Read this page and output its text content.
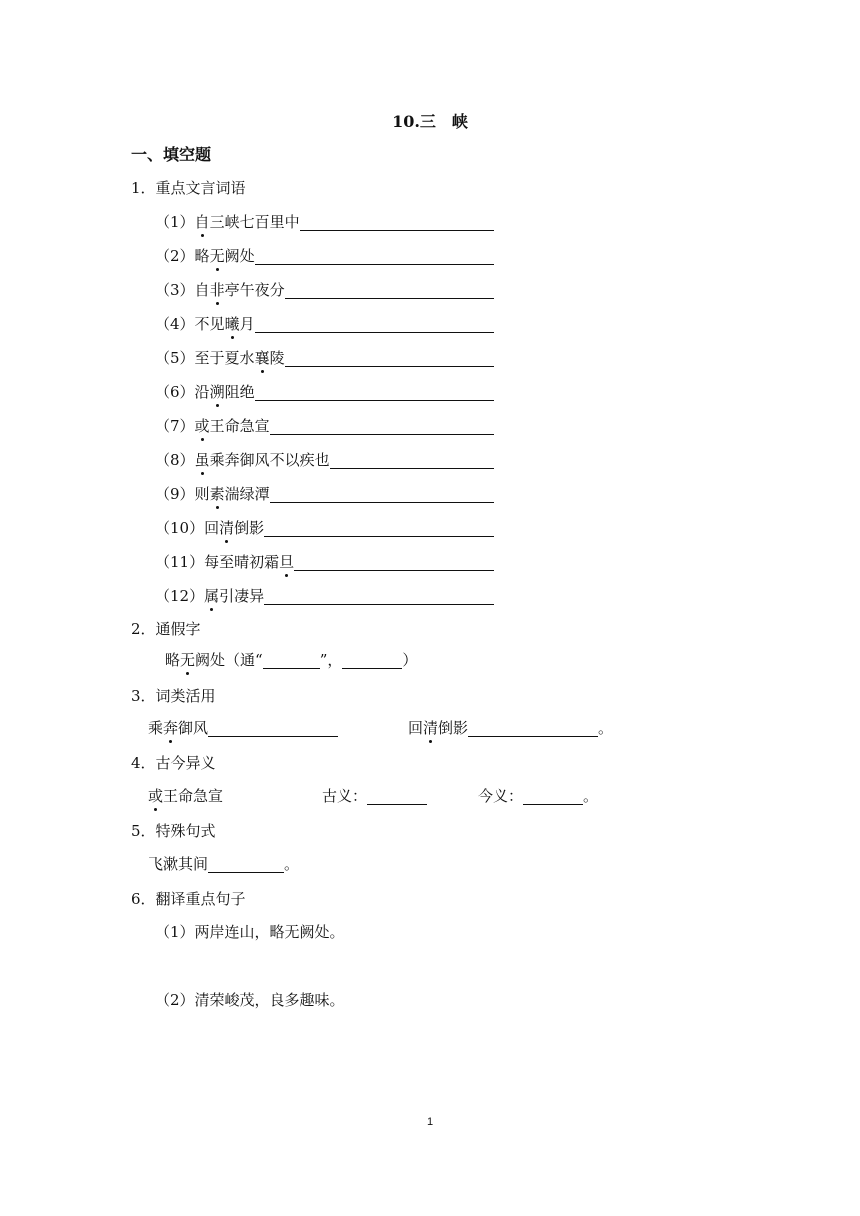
10.三　峡
一、填空题
1．重点文言词语
（1）自三峡七百里中
（2）略无阙处
（3）自非亭午夜分
（4）不见曦月
（5）至于夏水襄陵
（6）沿溯阻绝
（7）或王命急宣
（8）虽乘奔御风不以疾也
（9）则素湍绿潭
（10）回清倒影
（11）每至晴初霜旦
（12）属引凄异
2．通假字
略无阙处（通“	”，	）
3．词类活用
乘奔御风	回清倒影	。
4．古今异义
或王命急宣	古义：	今义：	。
5．特殊句式
飞漱其间	。
6．翻译重点句子
（1）两岸连山，略无阙处。
（2）清荣峻茂，良多趣味。
1
